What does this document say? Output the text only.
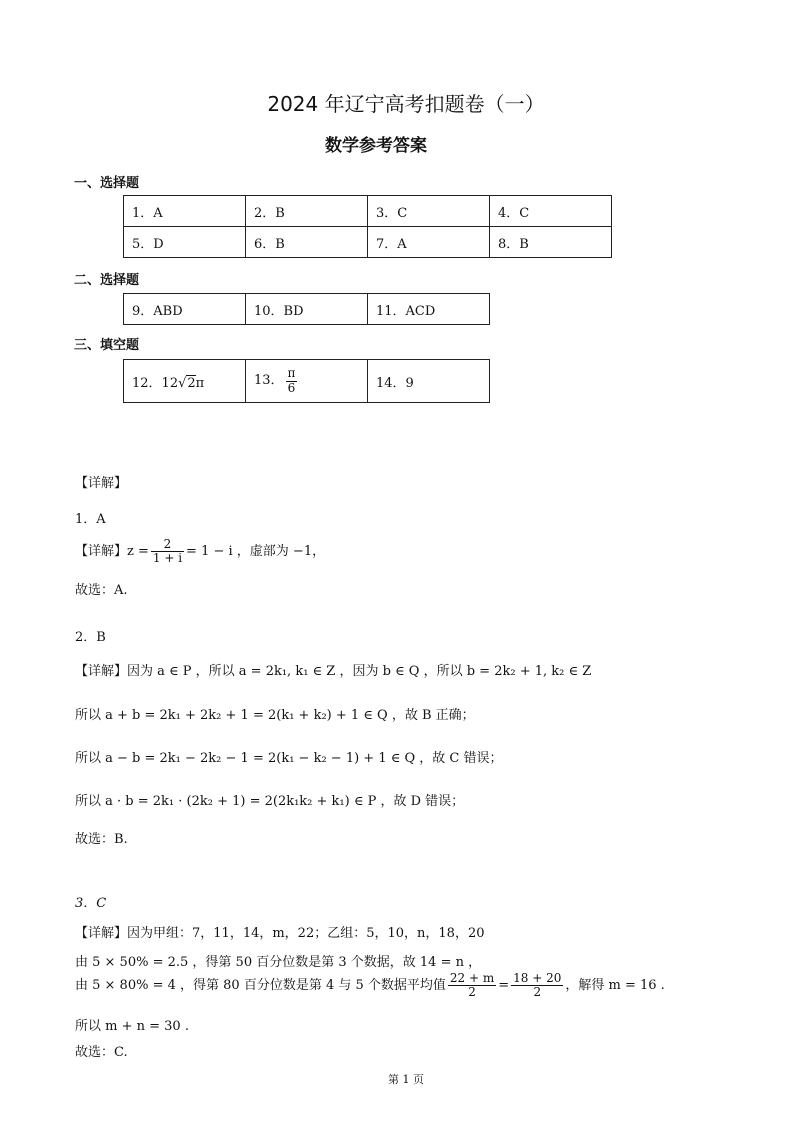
2024 年辽宁高考扣题卷（一）
数学参考答案
一、选择题
1．A	2．B	3．C	4．C
5．D	6．B	7．A	8．B
二、选择题
9．ABD	10．BD	11．ACD
三、填空题
12．12√2π	13． $\frac{\pi}{6}$	14．9
【详解】
1．A
【详解】$z = \frac{2}{1 + i} = 1 - i$ ，虚部为 −1，
故选：A.
2．B
【详解】因为 a ∈ P ，所以 a = 2k₁, k₁ ∈ Z ，因为 b ∈ Q ，所以 b = 2k₂ + 1, k₂ ∈ Z
所以 a + b = 2k₁ + 2k₂ + 1 = 2(k₁ + k₂) + 1 ∈ Q ，故 B 正确；
所以 a − b = 2k₁ − 2k₂ − 1 = 2(k₁ − k₂ − 1) + 1 ∈ Q ，故 C 错误；
所以 a · b = 2k₁ · (2k₂ + 1) = 2(2k₁k₂ + k₁) ∈ P ，故 D 错误；
故选：B.
3．C
【详解】因为甲组：7，11，14，m，22；乙组：5，10，n，18，20
由 5 × 50% = 2.5 ，得第 50 百分位数是第 3 个数据，故 14 = n ，
由 5 × 80% = 4 ，得第 80 百分位数是第 4 与 5 个数据平均值 $\frac{22 + m}{2} = \frac{18 + 20}{2}$ ，解得 m = 16 .
所以 m + n = 30 .
故选：C.
第 1 页
